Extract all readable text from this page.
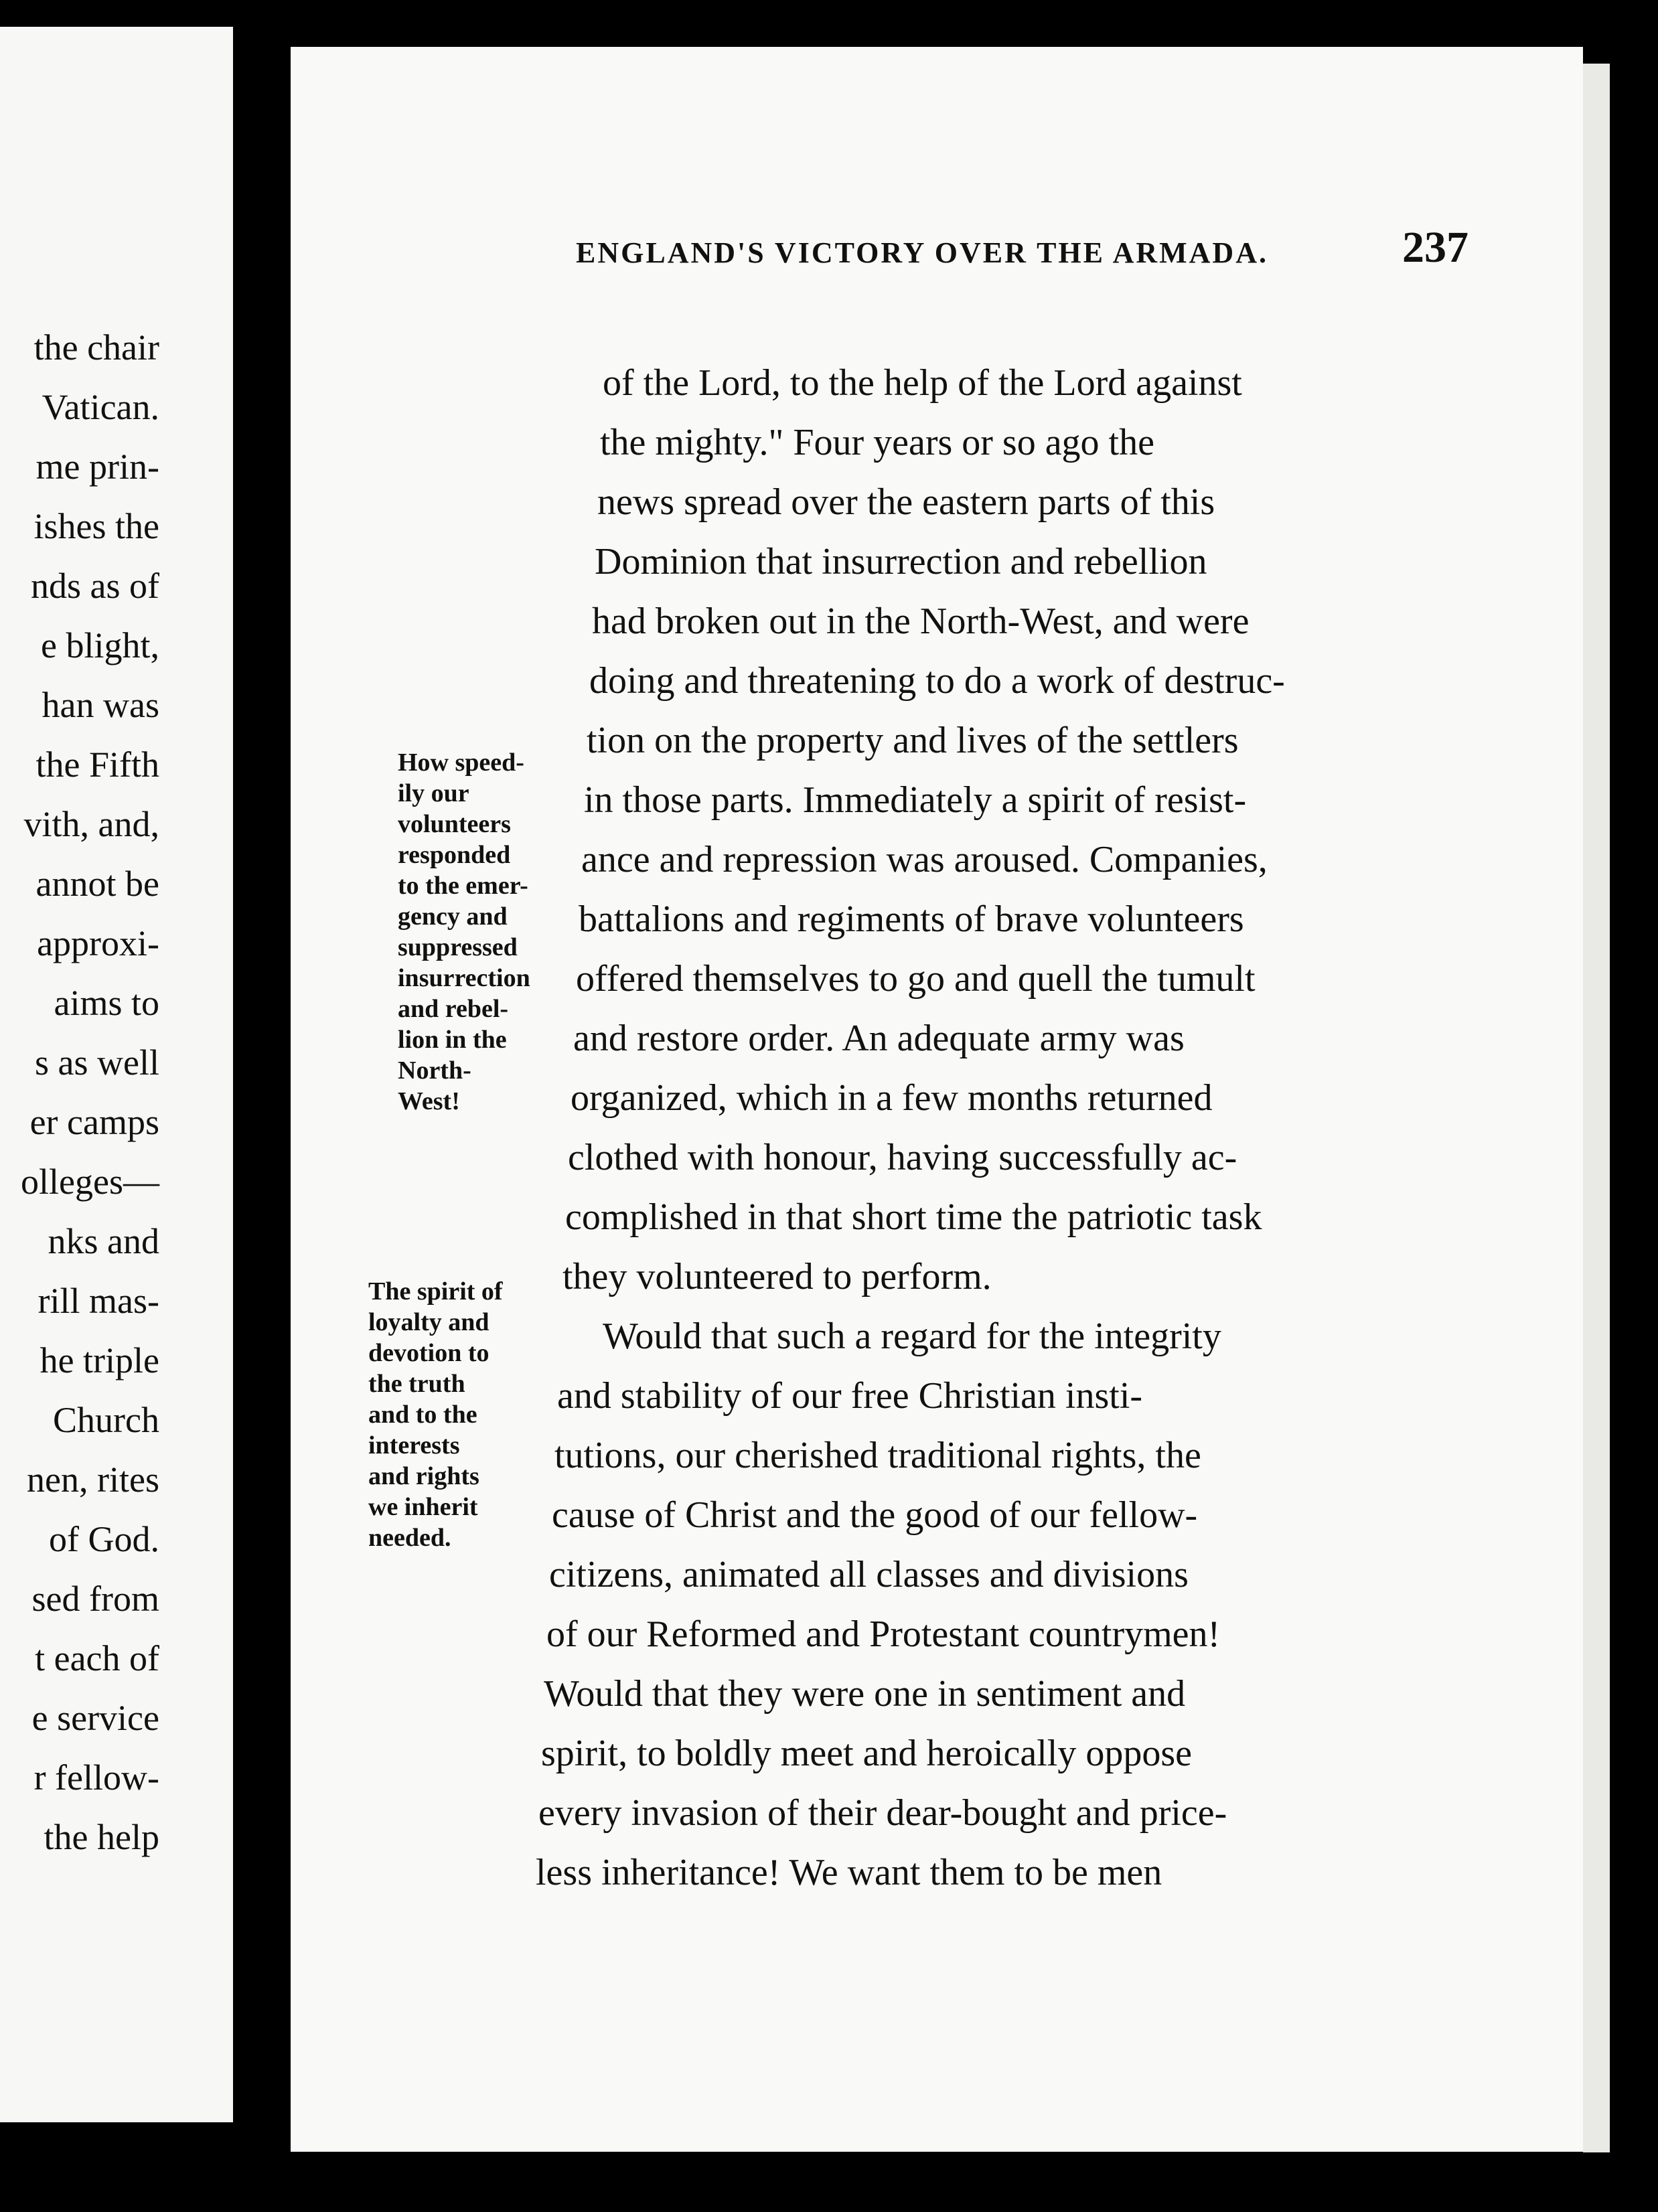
the chair
Vatican.
me prin-
ishes the
nds as of
e blight,
han was
the Fifth
vith, and,
annot be
approxi-
aims to
s as well
er camps
olleges—
nks and
rill mas-
he triple
Church
nen, rites
of God.
sed from
t each of
e service
r fellow-
the help
ENGLAND'S VICTORY OVER THE ARMADA.	237
of the Lord, to the help of the Lord against
the mighty." Four years or so ago the
news spread over the eastern parts of this
Dominion that insurrection and rebellion
had broken out in the North-West, and were
doing and threatening to do a work of destruc-
tion on the property and lives of the settlers
in those parts. Immediately a spirit of resist-
ance and repression was aroused. Companies,
battalions and regiments of brave volunteers
offered themselves to go and quell the tumult
and restore order. An adequate army was
organized, which in a few months returned
clothed with honour, having successfully ac-
complished in that short time the patriotic task
they volunteered to perform.
Would that such a regard for the integrity
and stability of our free Christian insti-
tutions, our cherished traditional rights, the
cause of Christ and the good of our fellow-
citizens, animated all classes and divisions
of our Reformed and Protestant countrymen!
Would that they were one in sentiment and
spirit, to boldly meet and heroically oppose
every invasion of their dear-bought and price-
less inheritance! We want them to be men
How speed-
ily our
volunteers
responded
to the emer-
gency and
suppressed
insurrection
and rebel-
lion in the
North-
West!
The spirit of
loyalty and
devotion to
the truth
and to the
interests
and rights
we inherit
needed.
